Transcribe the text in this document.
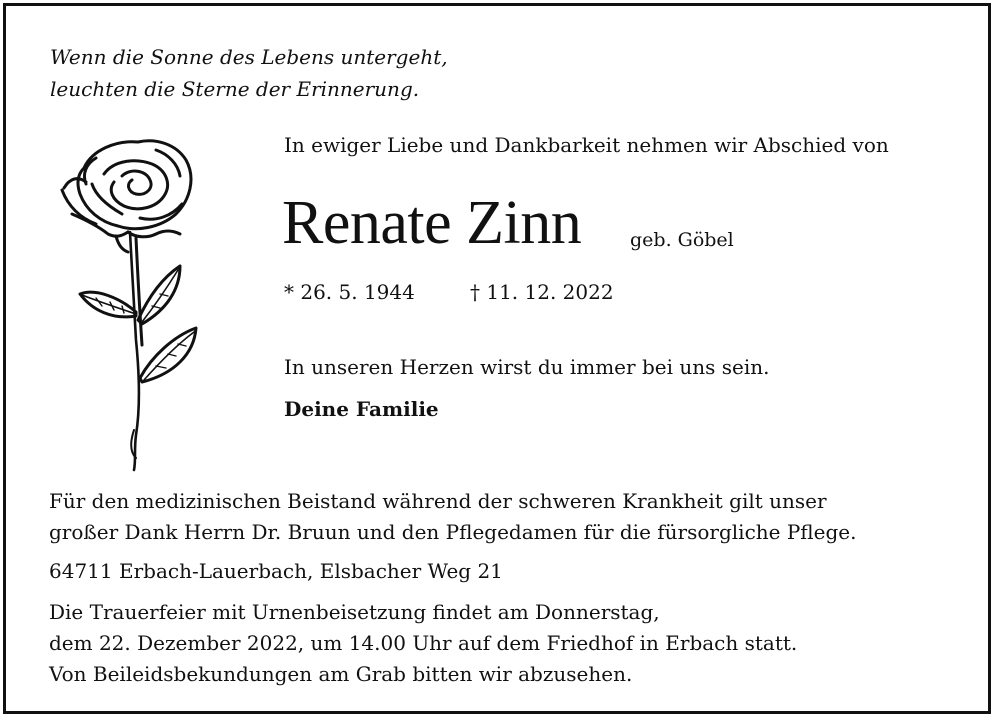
Wenn die Sonne des Lebens untergeht,
leuchten die Sterne der Erinnerung.
In ewiger Liebe und Dankbarkeit nehmen wir Abschied von
Renate Zinn	geb. Göbel
* 26. 5. 1944	† 11. 12. 2022
In unseren Herzen wirst du immer bei uns sein.
Deine Familie
Für den medizinischen Beistand während der schweren Krankheit gilt unser
großer Dank Herrn Dr. Bruun und den Pflegedamen für die fürsorgliche Pflege.
64711 Erbach-Lauerbach, Elsbacher Weg 21
Die Trauerfeier mit Urnenbeisetzung findet am Donnerstag,
dem 22. Dezember 2022, um 14.00 Uhr auf dem Friedhof in Erbach statt.
Von Beileidsbekundungen am Grab bitten wir abzusehen.
